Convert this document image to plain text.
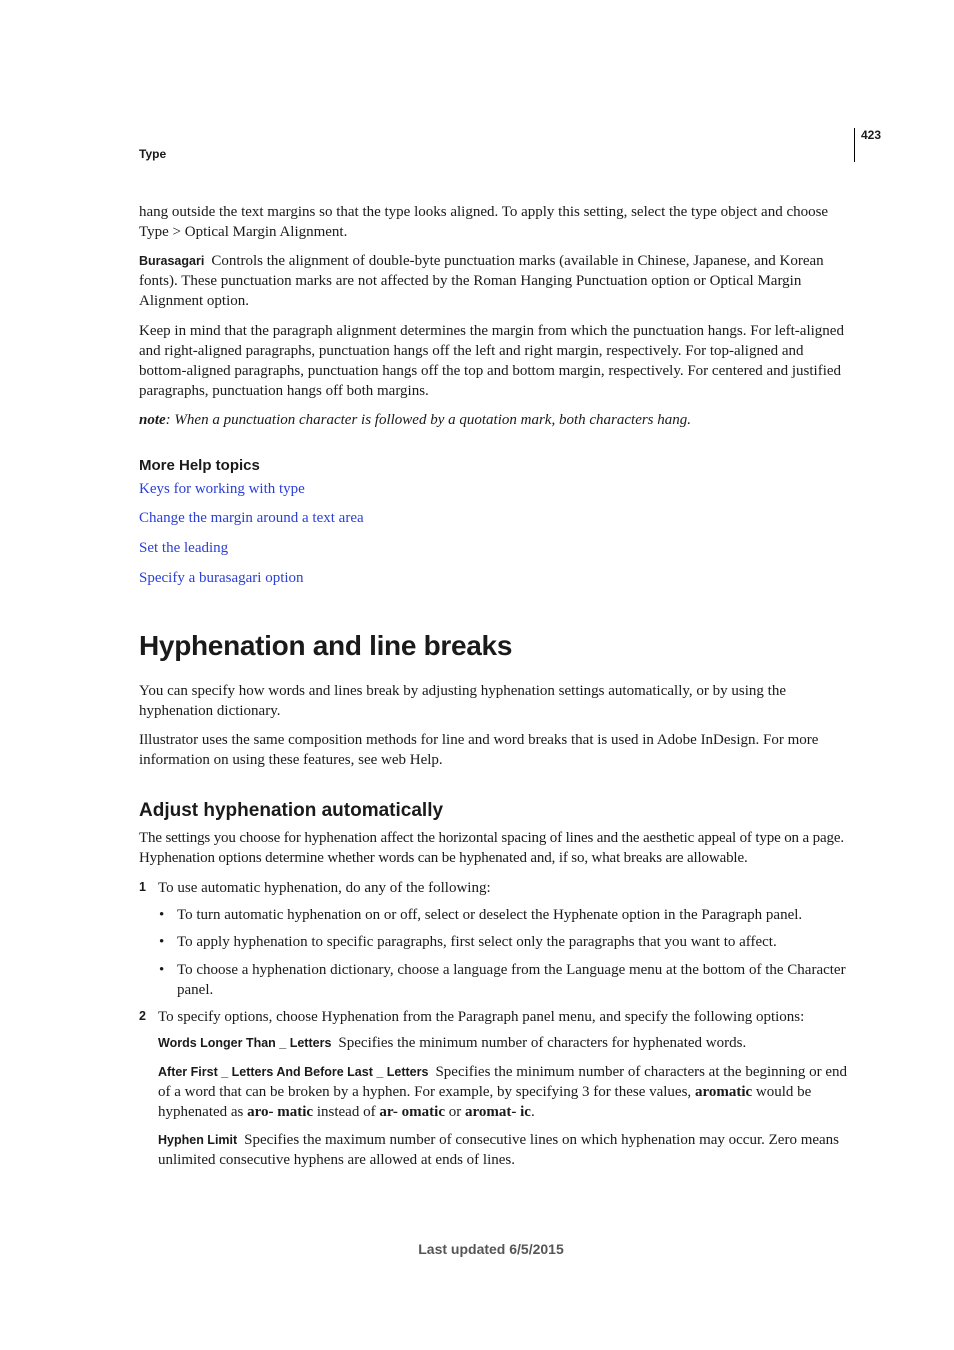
423
Type

hang outside the text margins so that the type looks aligned. To apply this setting, select the type object and choose Type > Optical Margin Alignment.

Burasagari Controls the alignment of double-byte punctuation marks (available in Chinese, Japanese, and Korean fonts). These punctuation marks are not affected by the Roman Hanging Punctuation option or Optical Margin Alignment option.

Keep in mind that the paragraph alignment determines the margin from which the punctuation hangs. For left-aligned and right-aligned paragraphs, punctuation hangs off the left and right margin, respectively. For top-aligned and bottom-aligned paragraphs, punctuation hangs off the top and bottom margin, respectively. For centered and justified paragraphs, punctuation hangs off both margins.

note: When a punctuation character is followed by a quotation mark, both characters hang.

More Help topics
Keys for working with type
Change the margin around a text area
Set the leading
Specify a burasagari option
Hyphenation and line breaks

You can specify how words and lines break by adjusting hyphenation settings automatically, or by using the hyphenation dictionary.

Illustrator uses the same composition methods for line and word breaks that is used in Adobe InDesign. For more information on using these features, see web Help.

Adjust hyphenation automatically

The settings you choose for hyphenation affect the horizontal spacing of lines and the aesthetic appeal of type on a page. Hyphenation options determine whether words can be hyphenated and, if so, what breaks are allowable.

1 To use automatic hyphenation, do any of the following:

• To turn automatic hyphenation on or off, select or deselect the Hyphenate option in the Paragraph panel.

• To apply hyphenation to specific paragraphs, first select only the paragraphs that you want to affect.

• To choose a hyphenation dictionary, choose a language from the Language menu at the bottom of the Character panel.

2 To specify options, choose Hyphenation from the Paragraph panel menu, and specify the following options:

Words Longer Than _ Letters Specifies the minimum number of characters for hyphenated words.

After First _ Letters And Before Last _ Letters Specifies the minimum number of characters at the beginning or end of a word that can be broken by a hyphen. For example, by specifying 3 for these values, aromatic would be hyphenated as aro- matic instead of ar- omatic or aromat- ic.

Hyphen Limit Specifies the maximum number of consecutive lines on which hyphenation may occur. Zero means unlimited consecutive hyphens are allowed at ends of lines.

Last updated 6/5/2015
